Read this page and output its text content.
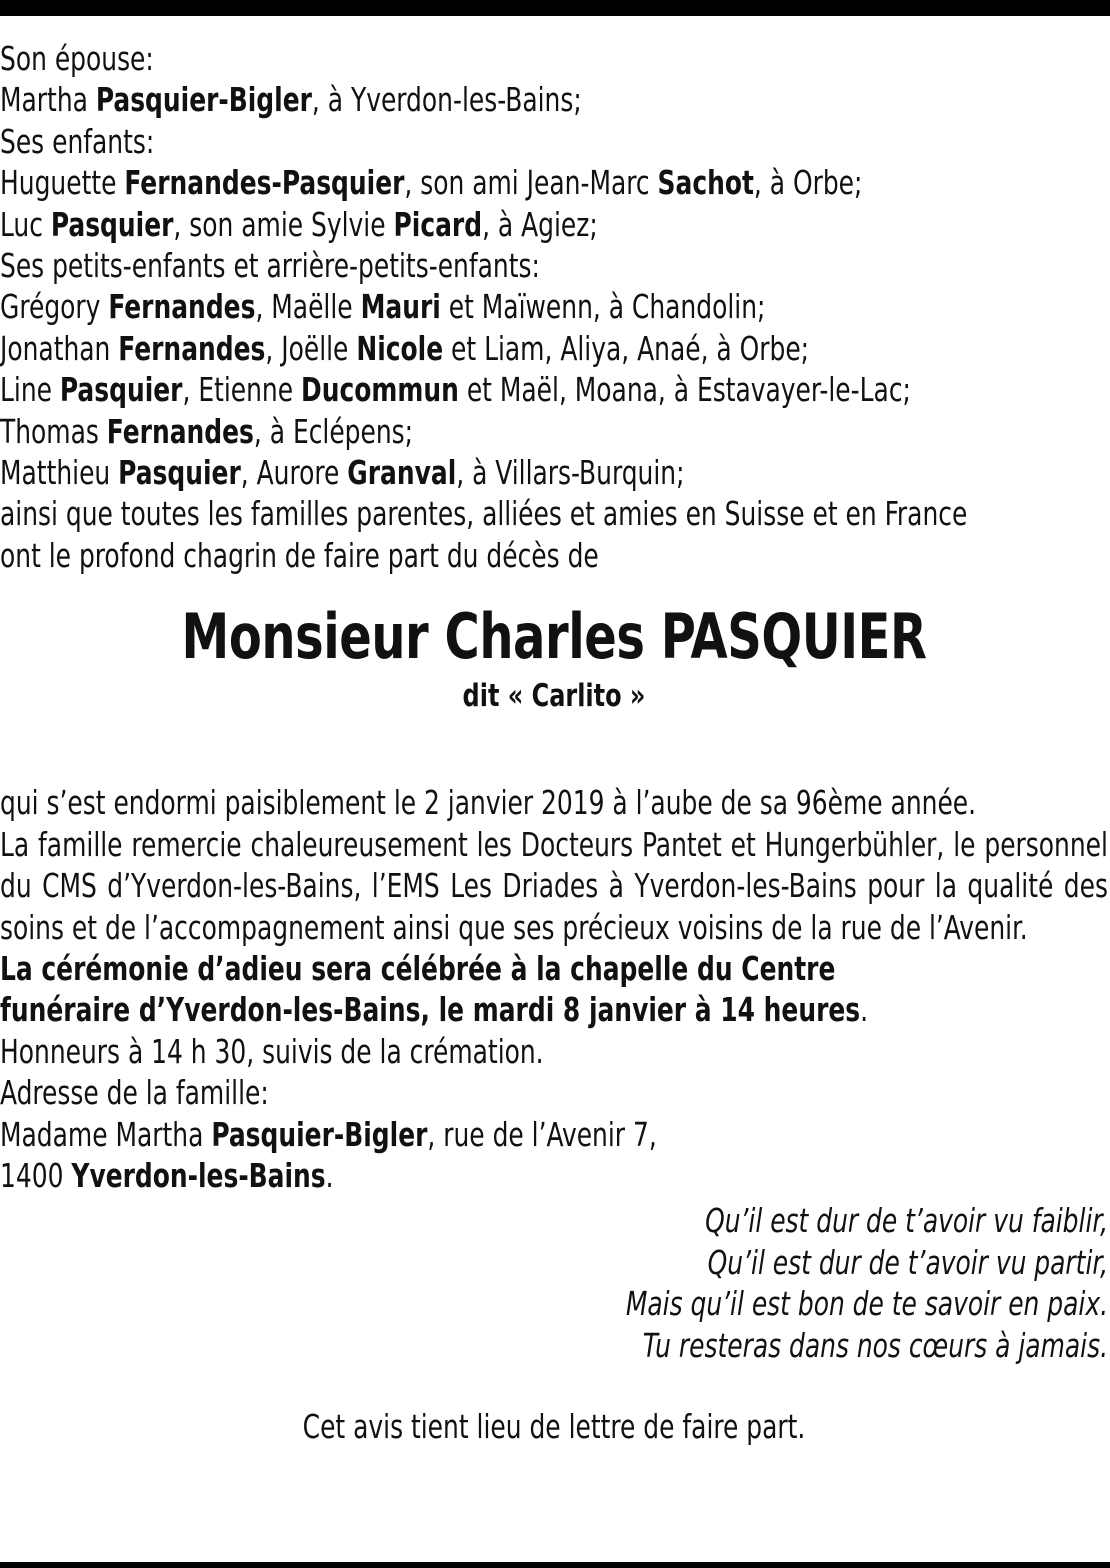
Son épouse:
Martha Pasquier-Bigler, à Yverdon-les-Bains;
Ses enfants:
Huguette Fernandes-Pasquier, son ami Jean-Marc Sachot, à Orbe;
Luc Pasquier, son amie Sylvie Picard, à Agiez;
Ses petits-enfants et arrière-petits-enfants:
Grégory Fernandes, Maëlle Mauri et Maïwenn, à Chandolin;
Jonathan Fernandes, Joëlle Nicole et Liam, Aliya, Anaé, à Orbe;
Line Pasquier, Etienne Ducommun et Maël, Moana, à Estavayer-le-Lac;
Thomas Fernandes, à Eclépens;
Matthieu Pasquier, Aurore Granval, à Villars-Burquin;
ainsi que toutes les familles parentes, alliées et amies en Suisse et en France
ont le profond chagrin de faire part du décès de
Monsieur Charles PASQUIER
dit « Carlito »
qui s’est endormi paisiblement le 2 janvier 2019 à l’aube de sa 96ème année.
La famille remercie chaleureusement les Docteurs Pantet et Hungerbühler, le personnel du CMS d’Yverdon-les-Bains, l’EMS Les Driades à Yverdon-les-Bains pour la qualité des soins et de l’accompagnement ainsi que ses précieux voisins de la rue de l’Avenir.
La cérémonie d’adieu sera célébrée à la chapelle du Centre
funéraire d’Yverdon-les-Bains, le mardi 8 janvier à 14 heures.
Honneurs à 14 h 30, suivis de la crémation.
Adresse de la famille:
Madame Martha Pasquier-Bigler, rue de l’Avenir 7,
1400 Yverdon-les-Bains.
Qu’il est dur de t’avoir vu faiblir,
Qu’il est dur de t’avoir vu partir,
Mais qu’il est bon de te savoir en paix.
Tu resteras dans nos cœurs à jamais.
Cet avis tient lieu de lettre de faire part.
